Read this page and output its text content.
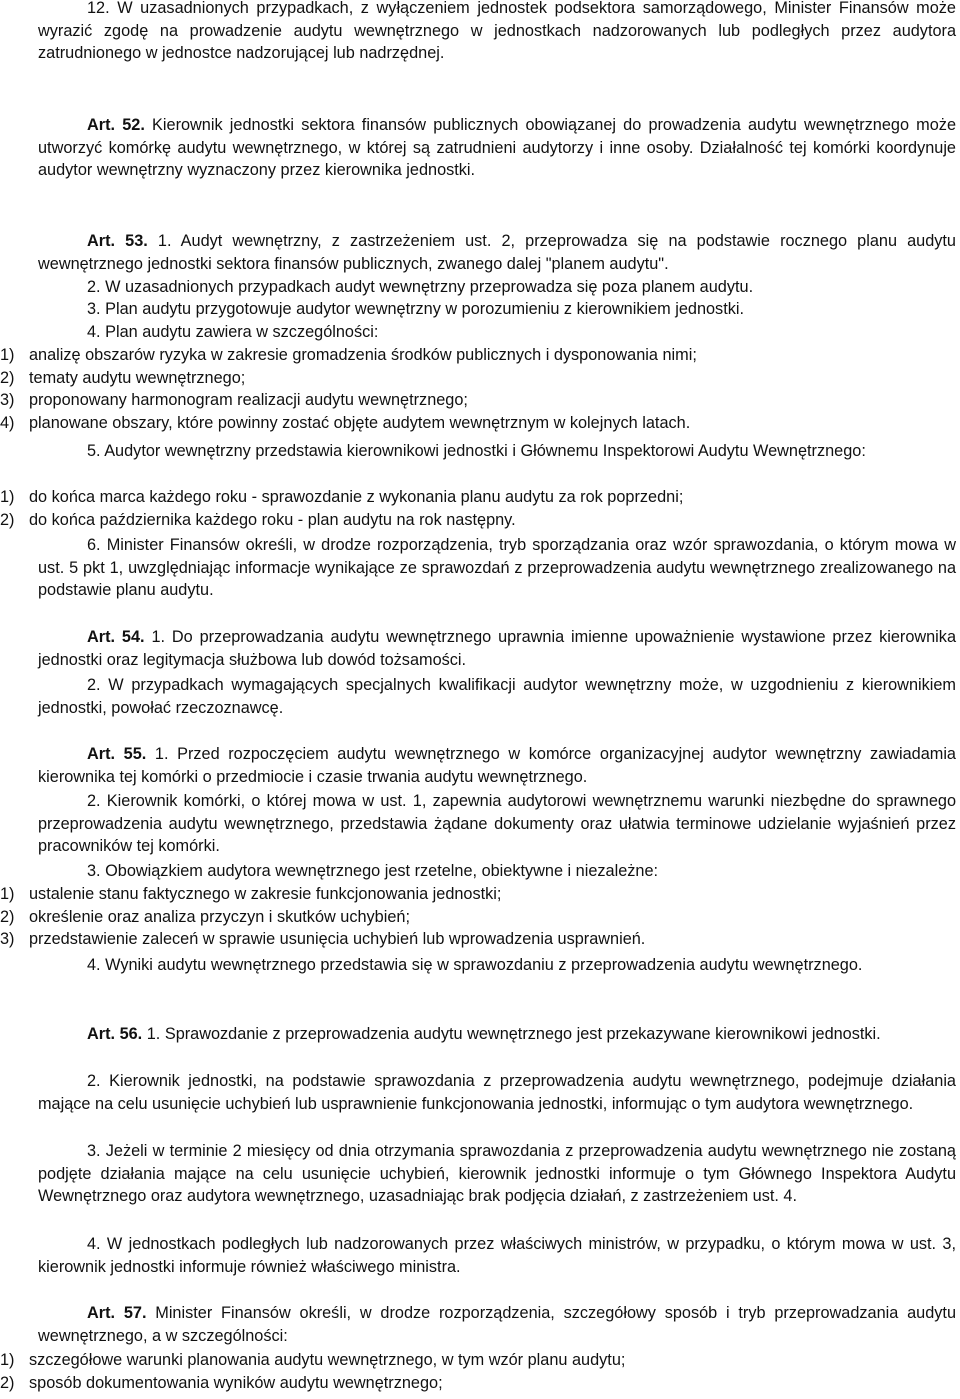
12. W uzasadnionych przypadkach, z wyłączeniem jednostek podsektora samorządowego, Minister Finansów może wyrazić zgodę na prowadzenie audytu wewnętrznego w jednostkach nadzorowanych lub podległych przez audytora zatrudnionego w jednostce nadzorującej lub nadrzędnej.
Art. 52. Kierownik jednostki sektora finansów publicznych obowiązanej do prowadzenia audytu wewnętrznego może utworzyć komórkę audytu wewnętrznego, w której są zatrudnieni audytorzy i inne osoby. Działalność tej komórki koordynuje audytor wewnętrzny wyznaczony przez kierownika jednostki.
Art. 53. 1. Audyt wewnętrzny, z zastrzeżeniem ust. 2, przeprowadza się na podstawie rocznego planu audytu wewnętrznego jednostki sektora finansów publicznych, zwanego dalej "planem audytu".
2. W uzasadnionych przypadkach audyt wewnętrzny przeprowadza się poza planem audytu.
3. Plan audytu przygotowuje audytor wewnętrzny w porozumieniu z kierownikiem jednostki.
4. Plan audytu zawiera w szczególności:
1) analizę obszarów ryzyka w zakresie gromadzenia środków publicznych i dysponowania nimi;
2) tematy audytu wewnętrznego;
3) proponowany harmonogram realizacji audytu wewnętrznego;
4) planowane obszary, które powinny zostać objęte audytem wewnętrznym w kolejnych latach.
5. Audytor wewnętrzny przedstawia kierownikowi jednostki i Głównemu Inspektorowi Audytu Wewnętrznego:
1) do końca marca każdego roku - sprawozdanie z wykonania planu audytu za rok poprzedni;
2) do końca października każdego roku - plan audytu na rok następny.
6. Minister Finansów określi, w drodze rozporządzenia, tryb sporządzania oraz wzór sprawozdania, o którym mowa w ust. 5 pkt 1, uwzględniając informacje wynikające ze sprawozdań z przeprowadzenia audytu wewnętrznego zrealizowanego na podstawie planu audytu.
Art. 54. 1. Do przeprowadzania audytu wewnętrznego uprawnia imienne upoważnienie wystawione przez kierownika jednostki oraz legitymacja służbowa lub dowód tożsamości.
2. W przypadkach wymagających specjalnych kwalifikacji audytor wewnętrzny może, w uzgodnieniu z kierownikiem jednostki, powołać rzeczoznawcę.
Art. 55. 1. Przed rozpoczęciem audytu wewnętrznego w komórce organizacyjnej audytor wewnętrzny zawiadamia kierownika tej komórki o przedmiocie i czasie trwania audytu wewnętrznego.
2. Kierownik komórki, o której mowa w ust. 1, zapewnia audytorowi wewnętrznemu warunki niezbędne do sprawnego przeprowadzenia audytu wewnętrznego, przedstawia żądane dokumenty oraz ułatwia terminowe udzielanie wyjaśnień przez pracowników tej komórki.
3. Obowiązkiem audytora wewnętrznego jest rzetelne, obiektywne i niezależne:
1) ustalenie stanu faktycznego w zakresie funkcjonowania jednostki;
2) określenie oraz analiza przyczyn i skutków uchybień;
3) przedstawienie zaleceń w sprawie usunięcia uchybień lub wprowadzenia usprawnień.
4. Wyniki audytu wewnętrznego przedstawia się w sprawozdaniu z przeprowadzenia audytu wewnętrznego.
Art. 56. 1. Sprawozdanie z przeprowadzenia audytu wewnętrznego jest przekazywane kierownikowi jednostki.
2. Kierownik jednostki, na podstawie sprawozdania z przeprowadzenia audytu wewnętrznego, podejmuje działania mające na celu usunięcie uchybień lub usprawnienie funkcjonowania jednostki, informując o tym audytora wewnętrznego.
3. Jeżeli w terminie 2 miesięcy od dnia otrzymania sprawozdania z przeprowadzenia audytu wewnętrznego nie zostaną podjęte działania mające na celu usunięcie uchybień, kierownik jednostki informuje o tym Głównego Inspektora Audytu Wewnętrznego oraz audytora wewnętrznego, uzasadniając brak podjęcia działań, z zastrzeżeniem ust. 4.
4. W jednostkach podległych lub nadzorowanych przez właściwych ministrów, w przypadku, o którym mowa w ust. 3, kierownik jednostki informuje również właściwego ministra.
Art. 57. Minister Finansów określi, w drodze rozporządzenia, szczegółowy sposób i tryb przeprowadzania audytu wewnętrznego, a w szczególności:
1) szczegółowe warunki planowania audytu wewnętrznego, w tym wzór planu audytu;
2) sposób dokumentowania wyników audytu wewnętrznego;
